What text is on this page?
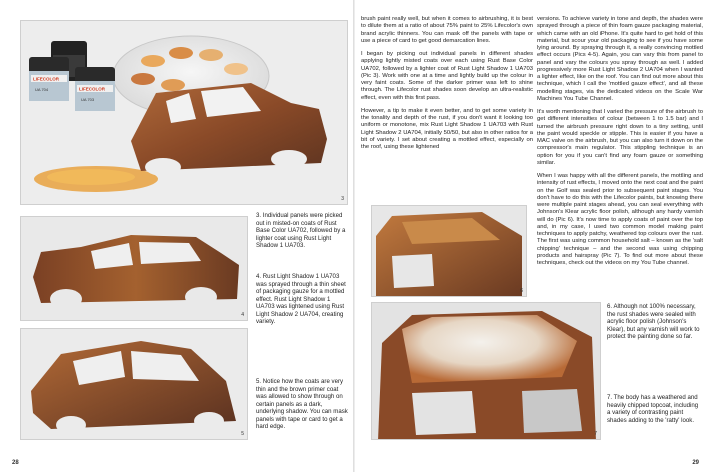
LIFECOLOR
UA 704	LIFECOLOR
UA 703
3
4
5

3. Individual panels were picked out in misted-on coats of Rust Base Color UA702, followed by a lighter coat using Rust Light Shadow 1 UA703.

4. Rust Light Shadow 1 UA703 was sprayed through a thin sheet of packaging gauze for a mottled effect. Rust Light Shadow 1 UA703 was lightened using Rust Light Shadow 2 UA704, creating variety.

5. Notice how the coats are very thin and the brown primer coat was allowed to show through on certain panels as a dark, underlying shadow. You can mask panels with tape or card to get a hard edge.

28

brush paint really well, but when it comes to airbrushing, it is best to dilute them at a ratio of about 75% paint to 25% Lifecolor's own brand acrylic thinners. You can mask off the panels with tape or use a piece of card to get good demarcation lines.

I began by picking out individual panels in different shades applying lightly misted coats over each using Rust Base Color UA702, followed by a lighter coat of Rust Light Shadow 1 UA703 (Pic 3). Work with one at a time and lightly build up the colour in very faint coats. Some of the darker primer was left to shine through. The Lifecolor rust shades soon develop an ultra-realistic effect, even with this first pass.

However, a tip to make it even better, and to get some variety in the tonality and depth of the rust, if you don't want it looking too uniform or monotone, mix Rust Light Shadow 1 UA703 with Rust Light Shadow 2 UA704, initially 50/50, but also in other ratios for a bit of variety. I set about creating a mottled effect, especially on the roof, using these lightened

versions. To achieve variety in tone and depth, the shades were sprayed through a piece of thin foam gauze packaging material, which came with an old iPhone. It's quite hard to get hold of this material, but scour your old packaging to see if you have some lying around. By spraying through it, a really convincing mottled effect occurs (Pics 4-5). Again, you can vary this from panel to panel and vary the colours you spray through as well. I added progressively more Rust Light Shadow 2 UA704 when I wanted a lighter effect, like on the roof. You can find out more about this technique, which I call the 'mottled gauze effect', and all these modelling stages, via the dedicated videos on the Scale War Machines You Tube Channel.

It's worth mentioning that I varied the pressure of the airbrush to get different intensities of colour (between 1 to 1.5 bar) and I turned the airbrush pressure right down to a tiny setting, until the paint would speckle or stipple. This is easier if you have a MAC valve on the airbrush, but you can also turn it down on the compressor's main regulator. This stippling technique is an option for you if you can't find any foam gauze or something similar.

When I was happy with all the different panels, the mottling and intensity of rust effects, I moved onto the next coat and the paint on the Golf was sealed prior to subsequent paint stages. You don't have to do this with the Lifecolor paints, but knowing there were multiple paint stages ahead, you can seal everything with Johnson's Klear acrylic floor polish, although any hardy varnish will do (Pic 6). It's now time to apply coats of paint over the top and, in my case, I used two common model making paint techniques to apply patchy, weathered top colours over the rust. The first was using common household salt – known as the 'salt chipping' technique – and the second was using chipping products and hairspray (Pic 7). To find out more about these techniques, check out the videos on my You Tube channel.

6
7

6. Although not 100% necessary, the rust shades were sealed with acrylic floor polish (Johnson's Klear), but any varnish will work to protect the painting done so far.

7. The body has a weathered and heavily chipped topcoat, including a variety of contrasting paint shades adding to the 'ratty' look.

29
